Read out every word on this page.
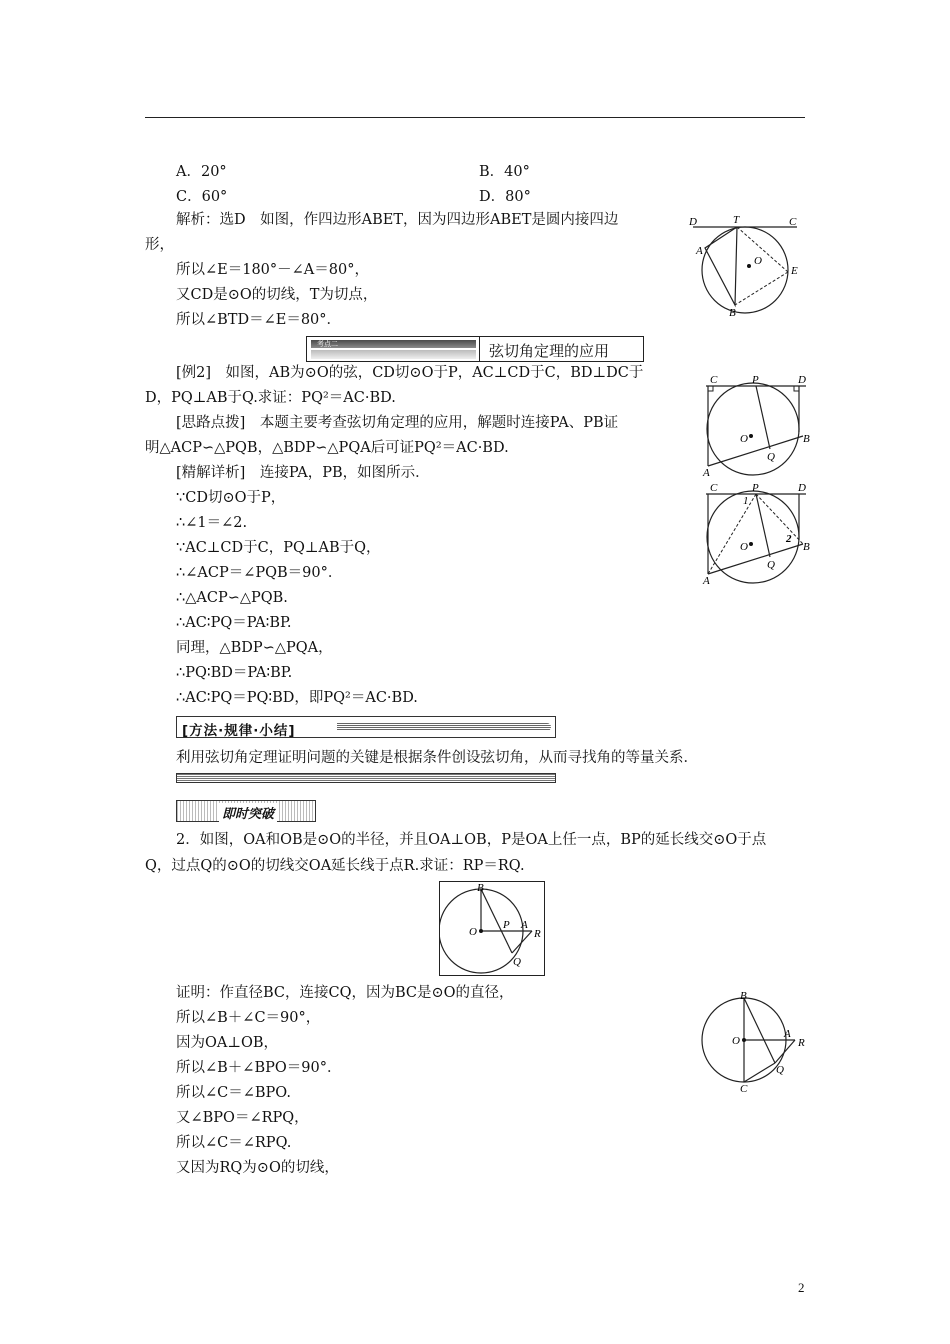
A．20°	B．40°
C．60°	D．80°
解析：选D　如图，作四边形ABET，因为四边形ABET是圆内接四边
形，
所以∠E＝180°－∠A＝80°，
又CD是⊙O的切线，T为切点，
所以∠BTD＝∠E＝80°．
D	T	C
A
O
E
B
考点二	弦切角定理的应用
[例2]　如图，AB为⊙O的弦，CD切⊙O于P，AC⊥CD于C，BD⊥DC于
D，PQ⊥AB于Q.求证：PQ²＝AC·BD.
[思路点拨]　本题主要考查弦切角定理的应用，解题时连接PA、PB证
明△ACP∽△PQB，△BDP∽△PQA后可证PQ²＝AC·BD.
[精解详析]　连接PA，PB，如图所示．
∵CD切⊙O于P，
∴∠1＝∠2.
∵AC⊥CD于C，PQ⊥AB于Q，
∴∠ACP＝∠PQB＝90°．
∴△ACP∽△PQB.
∴AC∶PQ＝PA∶BP.
同理，△BDP∽△PQA，
∴PQ∶BD＝PA∶BP.
∴AC∶PQ＝PQ∶BD，即PQ²＝AC·BD.
C	P	D
O	B
Q
A
C	P	D
1
O
2
B
Q
A
[方法·规律·小结]
利用弦切角定理证明问题的关键是根据条件创设弦切角，从而寻找角的等量关系．
即时突破
2．如图，OA和OB是⊙O的半径，并且OA⊥OB，P是OA上任一点，BP的延长线交⊙O于点
Q，过点Q的⊙O的切线交OA延长线于点R.求证：RP＝RQ.
B
O
P A
R
Q
证明：作直径BC，连接CQ，因为BC是⊙O的直径，
所以∠B＋∠C＝90°，
因为OA⊥OB，
所以∠B＋∠BPO＝90°．
所以∠C＝∠BPO.
又∠BPO＝∠RPQ，
所以∠C＝∠RPQ.
又因为RQ为⊙O的切线，
B
O
A
R
Q
C
2
